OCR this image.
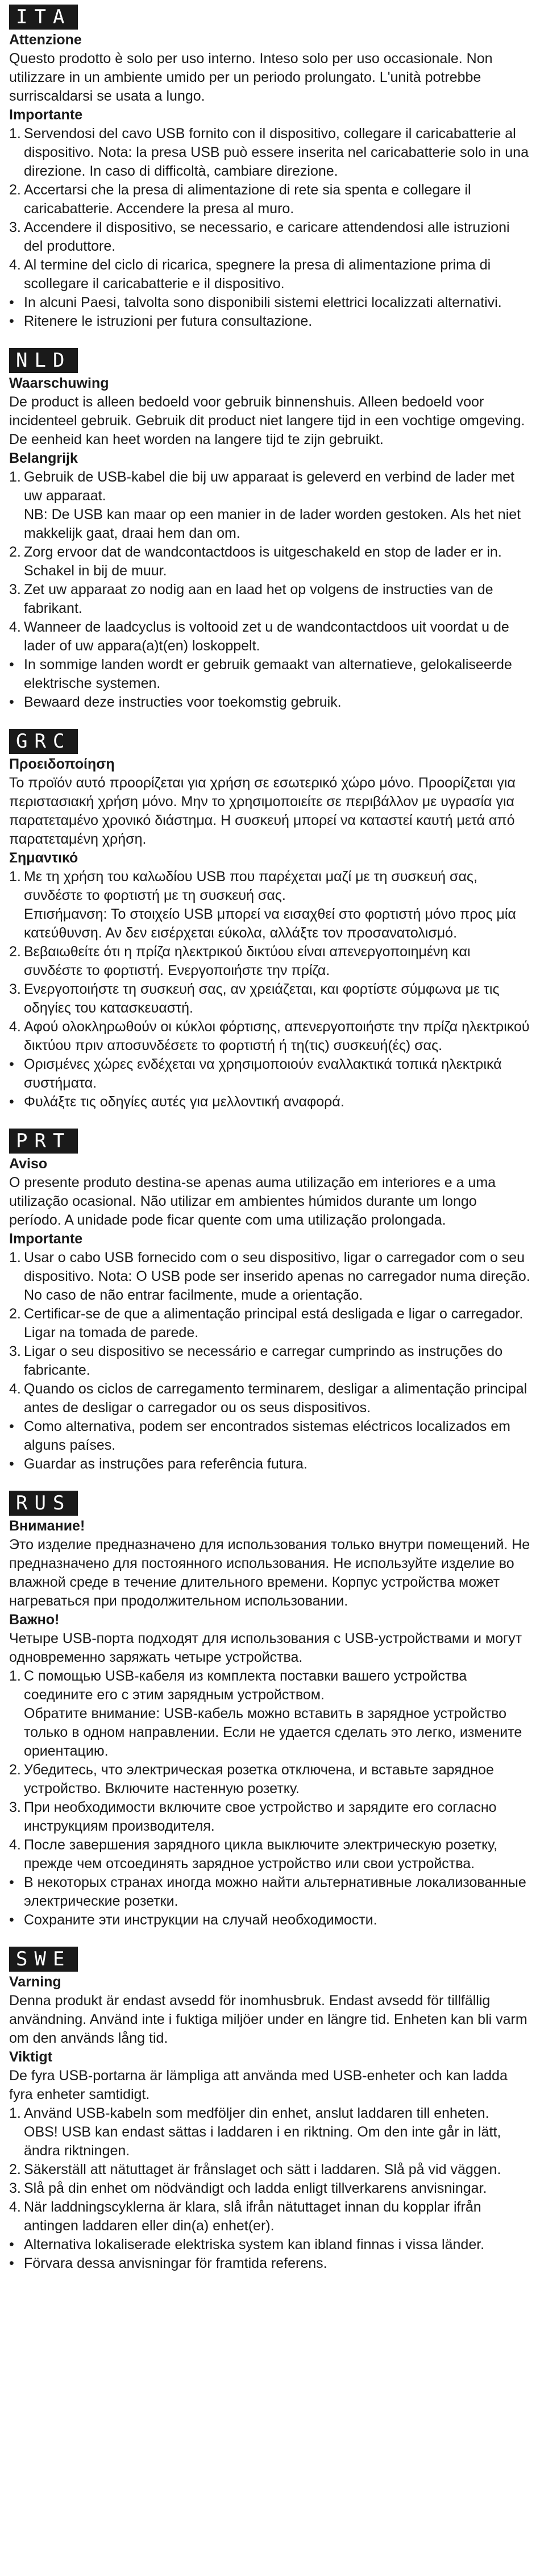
ITA

Attenzione

Questo prodotto è solo per uso interno. Inteso solo per uso occasionale. Non utilizzare in un ambiente umido per un periodo prolungato. L'unità potrebbe surriscaldarsi se usata a lungo.

Importante

1. Servendosi del cavo USB fornito con il dispositivo, collegare il caricabatterie al dispositivo. Nota: la presa USB può essere inserita nel caricabatterie solo in una direzione. In caso di difficoltà, cambiare direzione.
2. Accertarsi che la presa di alimentazione di rete sia spenta e collegare il caricabatterie. Accendere la presa al muro.
3. Accendere il dispositivo, se necessario, e caricare attendendosi alle istruzioni del produttore.
4. Al termine del ciclo di ricarica, spegnere la presa di alimentazione prima di scollegare il caricabatterie e il dispositivo.
• In alcuni Paesi, talvolta sono disponibili sistemi elettrici localizzati alternativi.
• Ritenere le istruzioni per futura consultazione.
NLD

Waarschuwing

De product is alleen bedoeld voor gebruik binnenshuis. Alleen bedoeld voor incidenteel gebruik. Gebruik dit product niet langere tijd in een vochtige omgeving. De eenheid kan heet worden na langere tijd te zijn gebruikt.

Belangrijk

1. Gebruik de USB-kabel die bij uw apparaat is geleverd en verbind de lader met uw apparaat.
NB: De USB kan maar op een manier in de lader worden gestoken. Als het niet makkelijk gaat, draai hem dan om.
2. Zorg ervoor dat de wandcontactdoos is uitgeschakeld en stop de lader er in. Schakel in bij de muur.
3. Zet uw apparaat zo nodig aan en laad het op volgens de instructies van de fabrikant.
4. Wanneer de laadcyclus is voltooid zet u de wandcontactdoos uit voordat u de lader of uw appara(a)t(en) loskoppelt.
• In sommige landen wordt er gebruik gemaakt van alternatieve, gelokaliseerde elektrische systemen.
• Bewaard deze instructies voor toekomstig gebruik.
GRC

Προειδοποίηση

Το προϊόν αυτό προορίζεται για χρήση σε εσωτερικό χώρο μόνο. Προορίζεται για περιστασιακή χρήση μόνο. Μην το χρησιμοποιείτε σε περιβάλλον με υγρασία για παρατεταμένο χρονικό διάστημα. Η συσκευή μπορεί να καταστεί καυτή μετά από παρατεταμένη χρήση.

Σημαντικό

1. Με τη χρήση του καλωδίου USB που παρέχεται μαζί με τη συσκευή σας, συνδέστε το φορτιστή με τη συσκευή σας.
Επισήμανση: Το στοιχείο USB μπορεί να εισαχθεί στο φορτιστή μόνο προς μία κατεύθυνση. Αν δεν εισέρχεται εύκολα, αλλάξτε τον προσανατολισμό.
2. Βεβαιωθείτε ότι η πρίζα ηλεκτρικού δικτύου είναι απενεργοποιημένη και συνδέστε το φορτιστή. Ενεργοποιήστε την πρίζα.
3. Ενεργοποιήστε τη συσκευή σας, αν χρειάζεται, και φορτίστε σύμφωνα με τις οδηγίες του κατασκευαστή.
4. Αφού ολοκληρωθούν οι κύκλοι φόρτισης, απενεργοποιήστε την πρίζα ηλεκτρικού δικτύου πριν αποσυνδέσετε το φορτιστή ή τη(τις) συσκευή(ές) σας.
• Ορισμένες χώρες ενδέχεται να χρησιμοποιούν εναλλακτικά τοπικά ηλεκτρικά συστήματα.
• Φυλάξτε τις οδηγίες αυτές για μελλοντική αναφορά.
PRT

Aviso

O presente produto destina-se apenas auma utilização em interiores e a uma utilização ocasional. Não utilizar em ambientes húmidos durante um longo período. A unidade pode ficar quente com uma utilização prolongada.

Importante

1. Usar o cabo USB fornecido com o seu dispositivo, ligar o carregador com o seu dispositivo. Nota: O USB pode ser inserido apenas no carregador numa direção. No caso de não entrar facilmente, mude a orientação.
2. Certificar-se de que a alimentação principal está desligada e ligar o carregador. Ligar na tomada de parede.
3. Ligar o seu dispositivo se necessário e carregar cumprindo as instruções do fabricante.
4. Quando os ciclos de carregamento terminarem, desligar a alimentação principal antes de desligar o carregador ou os seus dispositivos.
• Como alternativa, podem ser encontrados sistemas eléctricos localizados em alguns países.
• Guardar as instruções para referência futura.
RUS

Внимание!

Это изделие предназначено для использования только внутри помещений. Не предназначено для постоянного использования. Не используйте изделие во влажной среде в течение длительного времени. Корпус устройства может нагреваться при продолжительном использовании.

Важно!

Четыре USB-порта подходят для использования с USB-устройствами и могут одновременно заряжать четыре устройства.

1. С помощью USB-кабеля из комплекта поставки вашего устройства соедините его с этим зарядным устройством.
Обратите внимание: USB-кабель можно вставить в зарядное устройство только в одном направлении. Если не удается сделать это легко, измените ориентацию.
2. Убедитесь, что электрическая розетка отключена, и вставьте зарядное устройство. Включите настенную розетку.
3. При необходимости включите свое устройство и зарядите его согласно инструкциям производителя.
4. После завершения зарядного цикла выключите электрическую розетку, прежде чем отсоединять зарядное устройство или свои устройства.
• В некоторых странах иногда можно найти альтернативные локализованные электрические розетки.
• Сохраните эти инструкции на случай необходимости.
SWE

Varning

Denna produkt är endast avsedd för inomhusbruk. Endast avsedd för tillfällig användning. Använd inte i fuktiga miljöer under en längre tid. Enheten kan bli varm om den används lång tid.

Viktigt

De fyra USB-portarna är lämpliga att använda med USB-enheter och kan ladda fyra enheter samtidigt.

1. Använd USB-kabeln som medföljer din enhet, anslut laddaren till enheten.
OBS! USB kan endast sättas i laddaren i en riktning. Om den inte går in lätt, ändra riktningen.
2. Säkerställ att nätuttaget är frånslaget och sätt i laddaren. Slå på vid väggen.
3. Slå på din enhet om nödvändigt och ladda enligt tillverkarens anvisningar.
4. När laddningscyklerna är klara, slå ifrån nätuttaget innan du kopplar ifrån antingen laddaren eller din(a) enhet(er).
• Alternativa lokaliserade elektriska system kan ibland finnas i vissa länder.
• Förvara dessa anvisningar för framtida referens.
